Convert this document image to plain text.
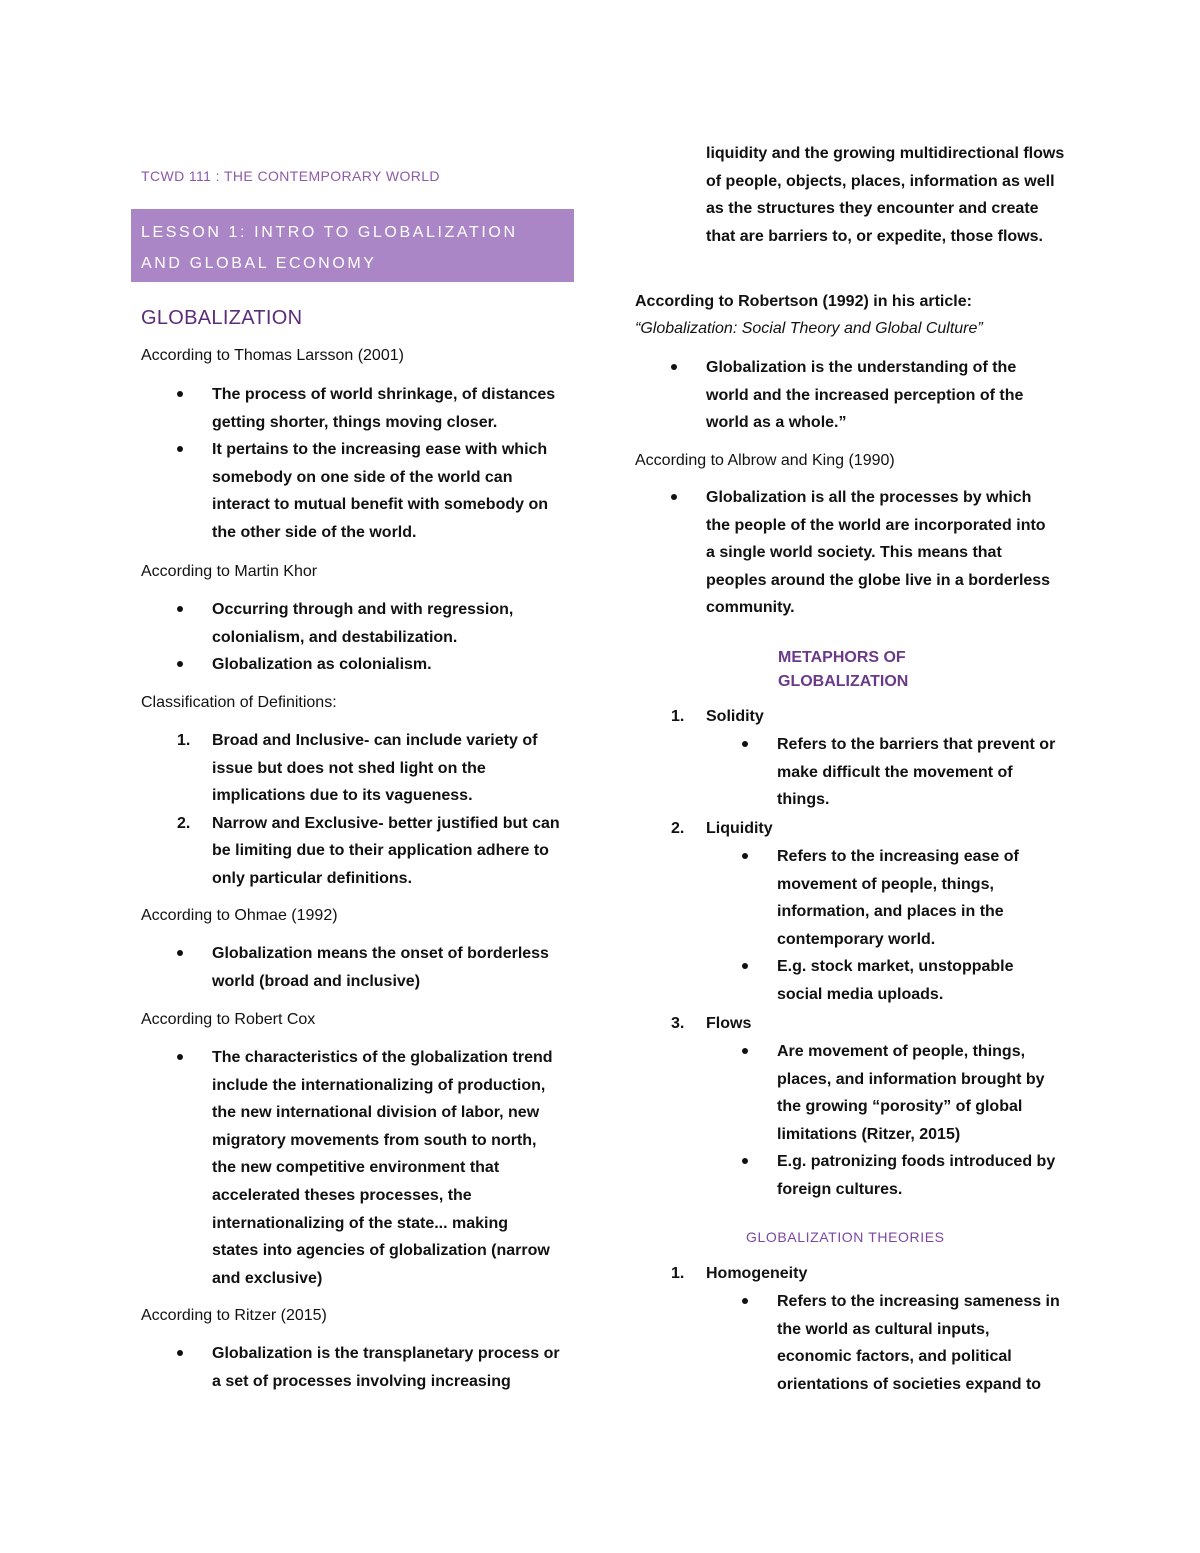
TCWD 111 : THE CONTEMPORARY WORLD
LESSON 1: INTRO TO GLOBALIZATION
AND GLOBAL ECONOMY
GLOBALIZATION
According to Thomas Larsson (2001)
The process of world shrinkage, of distances getting shorter, things moving closer.
It pertains to the increasing ease with which somebody on one side of the world can interact to mutual benefit with somebody on the other side of the world.
According to Martin Khor
Occurring through and with regression, colonialism, and destabilization.
Globalization as colonialism.
Classification of Definitions:
1. Broad and Inclusive- can include variety of issue but does not shed light on the implications due to its vagueness.
2. Narrow and Exclusive- better justified but can be limiting due to their application adhere to only particular definitions.
According to Ohmae (1992)
Globalization means the onset of borderless world (broad and inclusive)
According to Robert Cox
The characteristics of the globalization trend include the internationalizing of production, the new international division of labor, new migratory movements from south to north, the new competitive environment that accelerated theses processes, the internationalizing of the state... making states into agencies of globalization (narrow and exclusive)
According to Ritzer (2015)
Globalization is the transplanetary process or a set of processes involving increasing
liquidity and the growing multidirectional flows of people, objects, places, information as well as the structures they encounter and create that are barriers to, or expedite, those flows.
According to Robertson (1992) in his article:
“Globalization: Social Theory and Global Culture”
Globalization is the understanding of the world and the increased perception of the world as a whole.”
According to Albrow and King (1990)
Globalization is all the processes by which the people of the world are incorporated into a single world society. This means that peoples around the globe live in a borderless community.
METAPHORS OF
GLOBALIZATION
1. Solidity
Refers to the barriers that prevent or make difficult the movement of things.
2. Liquidity
Refers to the increasing ease of movement of people, things, information, and places in the contemporary world.
E.g. stock market, unstoppable social media uploads.
3. Flows
Are movement of people, things, places, and information brought by the growing “porosity” of global limitations (Ritzer, 2015)
E.g. patronizing foods introduced by foreign cultures.
GLOBALIZATION THEORIES
1. Homogeneity
Refers to the increasing sameness in the world as cultural inputs, economic factors, and political orientations of societies expand to
